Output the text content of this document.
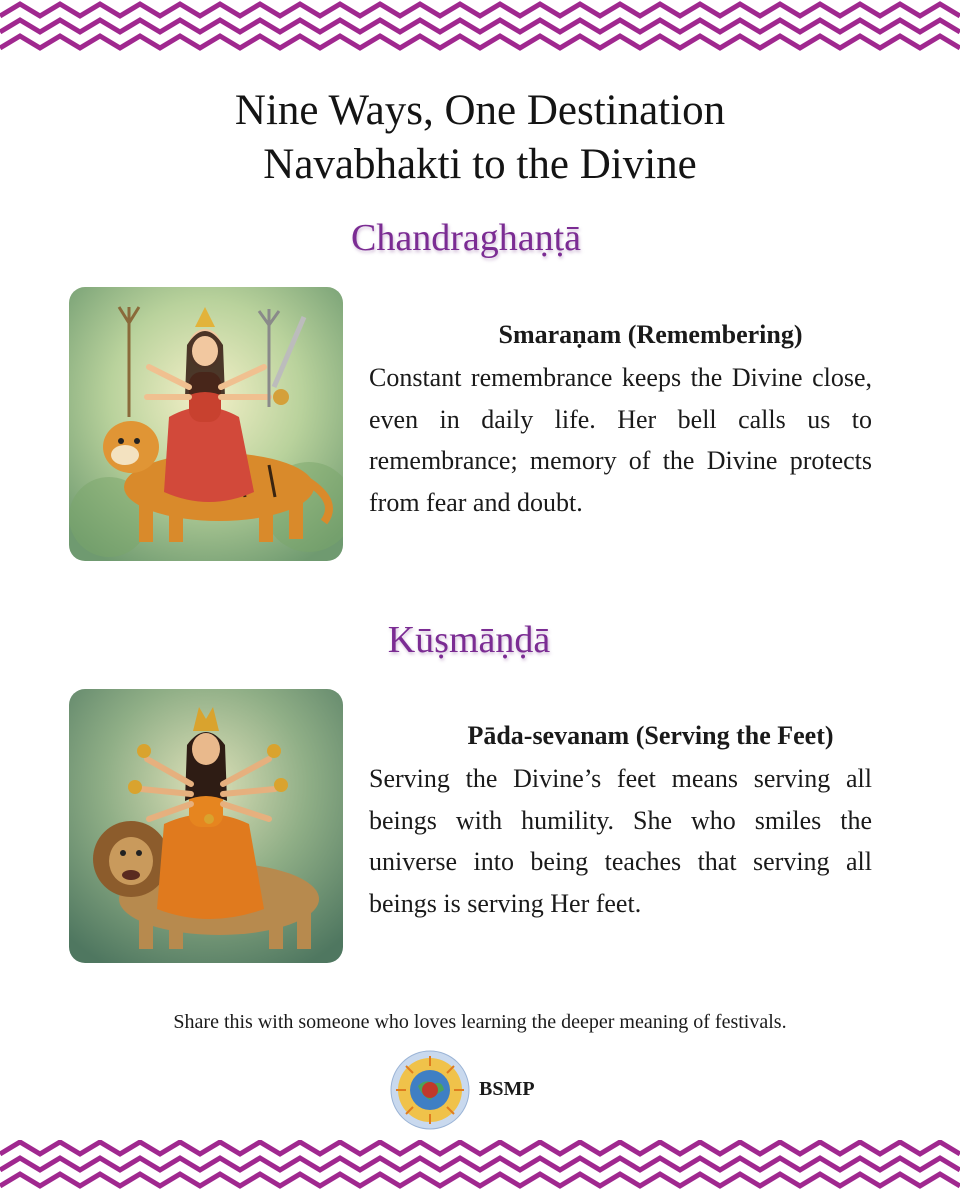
Nine Ways, One Destination
Navabhakti to the Divine
Chandraghaṇṭā
Smaraṇam (Remembering)

Constant remembrance keeps the Divine close, even in daily life. Her bell calls us to remembrance; memory of the Divine protects from fear and doubt.

Kūṣmāṇḍā
Pāda-sevanam (Serving the Feet)

Serving the Divine’s feet means serving all beings with humility. She who smiles the universe into being teaches that serving all beings is serving Her feet.

Share this with someone who loves learning the deeper meaning of festivals.
BSMP
